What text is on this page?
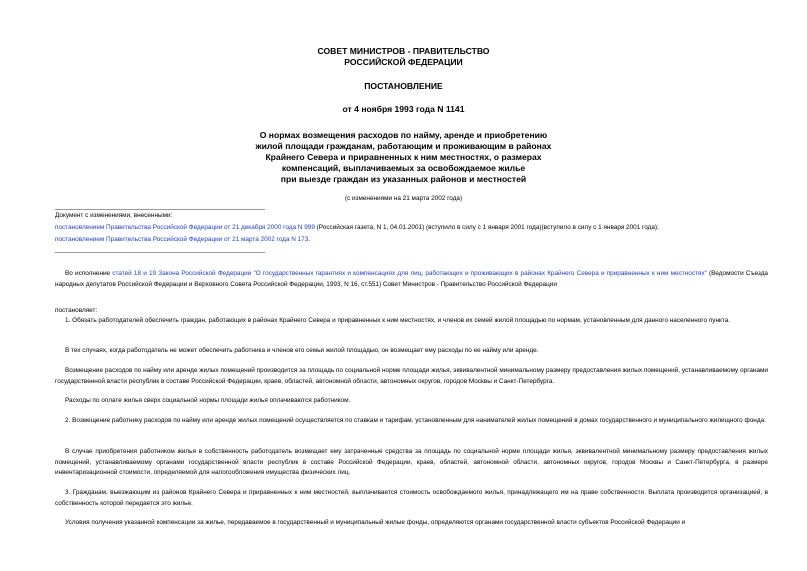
СОВЕТ МИНИСТРОВ - ПРАВИТЕЛЬСТВО
РОССИЙСКОЙ ФЕДЕРАЦИИ
ПОСТАНОВЛЕНИЕ
от 4 ноября 1993 года N 1141
О нормах возмещения расходов по найму, аренде и приобретению
жилой площади гражданам, работающим и проживающим в районах
Крайнего Севера и приравненных к ним местностях, о размерах
компенсаций, выплачиваемых за освобождаемое жилье
при выезде граждан из указанных районов и местностей
(с изменениями на 21 марта 2002 года)
Документ с изменениями, внесенными:
постановлением Правительства Российской Федерации от 21 декабря 2000 года N 999 (Российская газета, N 1, 04.01.2001) (вступило в силу с 1 января 2001 года)(вступило в силу с 1 января 2001 года);
постановлением Правительства Российской Федерации от 21 марта 2002 года N 173.
Во исполнение статей 18 и 19 Закона Российской Федерации "О государственных гарантиях и компенсациях для лиц, работающих и проживающих в районах Крайнего Севера и приравненных к ним местностях" (Ведомости Съезда народных депутатов Российской Федерации и Верховного Совета Российской Федерации, 1993, N 16, ст.551) Совет Министров - Правительство Российской Федерации
постановляет:
1. Обязать работодателей обеспечить граждан, работающих в районах Крайнего Севера и приравненных к ним местностях, и членов их семей жилой площадью по нормам, установленным для данного населенного пункта.
В тех случаях, когда работодатель не может обеспечить работника и членов его семьи жилой площадью, он возмещает ему расходы по ее найму или аренде.
Возмещение расходов по найму или аренде жилых помещений производится за площадь по социальной норме площади жилья, эквивалентной минимальному размеру предоставления жилых помещений, устанавливаемому органами государственной власти республик в составе Российской Федерации, краев, областей, автономной области, автономных округов, городов Москвы и Санкт-Петербурга.
Расходы по оплате жилья сверх социальной нормы площади жилья оплачиваются работником.
2. Возмещение работнику расходов по найму или аренде жилых помещений осуществляется по ставкам и тарифам, установленным для нанимателей жилых помещений в домах государственного и муниципального жилищного фонда.
В случае приобретения работником жилья в собственность работодатель возмещает ему затраченные средства за площадь по социальной норме площади жилья, эквивалентной минимальному размеру предоставления жилых помещений, устанавливаемому органами государственной власти республик в составе Российской Федерации, краев, областей, автономной области, автономных округов, городов Москвы и Санкт-Петербурга, в размере инвентаризационной стоимости, определяемой для налогообложения имущества физических лиц.
3. Гражданам, выезжающим из районов Крайнего Севера и приравненных к ним местностей, выплачивается стоимость освобождаемого жилья, принадлежащего им на праве собственности. Выплата производится организацией, в собственность которой передается это жилье.
Условия получения указанной компенсации за жилье, передаваемое в государственный и муниципальный жилые фонды, определяются органами государственной власти субъектов Российской Федерации и
